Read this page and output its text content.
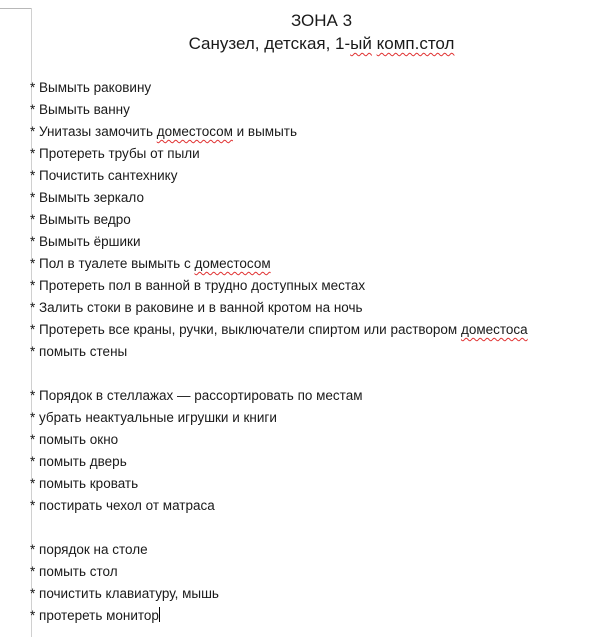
ЗОНА 3

Санузел, детская, 1-ый комп.стол

* Вымыть раковину
* Вымыть ванну
* Унитазы замочить доместосом и вымыть
* Протереть трубы от пыли
* Почистить сантехнику
* Вымыть зеркало
* Вымыть ведро
* Вымыть ёршики
* Пол в туалете вымыть с доместосом
* Протереть пол в ванной в трудно доступных местах
* Залить стоки в раковине и в ванной кротом на ночь
* Протереть все краны, ручки, выключатели спиртом или раствором доместоса
* помыть стены
* Порядок в стеллажах — рассортировать по местам
* убрать неактуальные игрушки и книги
* помыть окно
* помыть дверь
* помыть кровать
* постирать чехол от матраса
* порядок на столе
* помыть стол
* почистить клавиатуру, мышь
* протереть монитор
